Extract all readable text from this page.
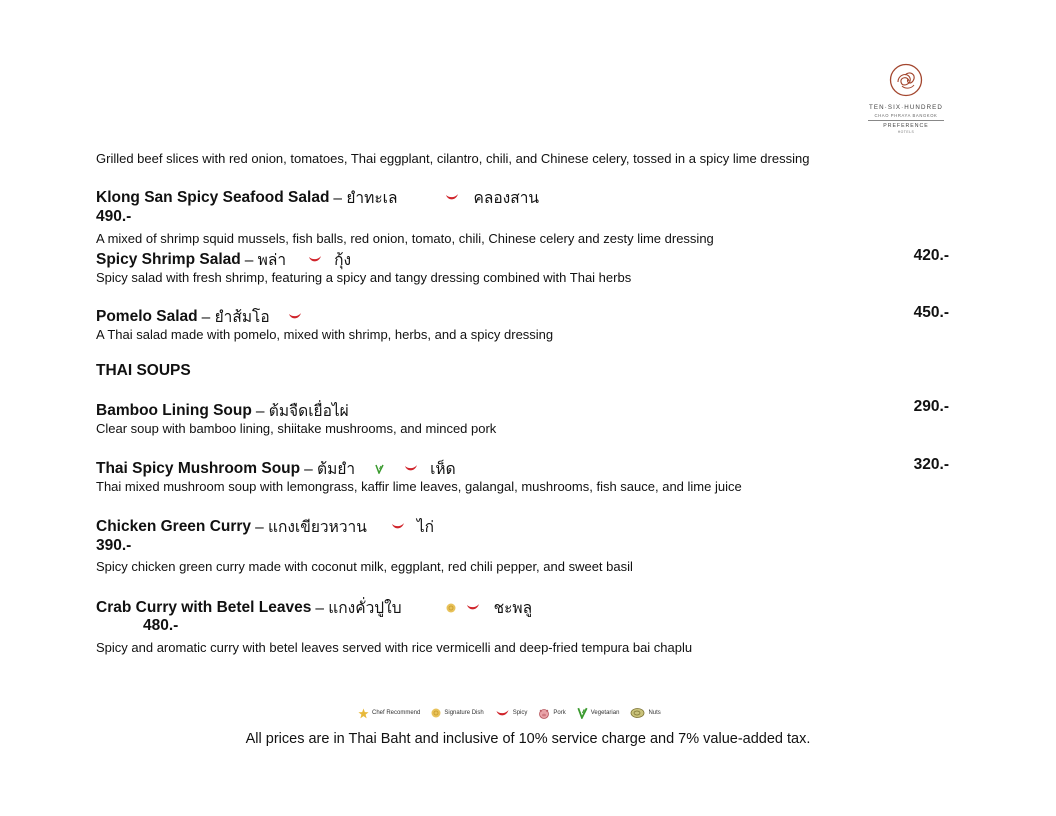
TEN·SIX·HUNDRED
CHAO PHRAYA BANGKOK
PREFERENCE
HOTELS
Grilled beef slices with red onion, tomatoes, Thai eggplant, cilantro, chili, and Chinese celery, tossed in a spicy lime dressing
Klong San Spicy Seafood Salad – ยำทะเล	คลองสาน
490.-
A mixed of shrimp squid mussels, fish balls, red onion, tomato, chili, Chinese celery and zesty lime dressing
Spicy Shrimp Salad – พล่า	กุ้ง	420.-
Spicy salad with fresh shrimp, featuring a spicy and tangy dressing combined with Thai herbs
Pomelo Salad – ยำส้มโอ	450.-
A Thai salad made with pomelo, mixed with shrimp, herbs, and a spicy dressing
THAI SOUPS
Bamboo Lining Soup – ต้มจืดเยื่อไผ่	290.-
Clear soup with bamboo lining, shiitake mushrooms, and minced pork
Thai Spicy Mushroom Soup – ต้มยำ	เห็ด	320.-
Thai mixed mushroom soup with lemongrass, kaffir lime leaves, galangal, mushrooms, fish sauce, and lime juice
Chicken Green Curry – แกงเขียวหวาน	ไก่
390.-
Spicy chicken green curry made with coconut milk, eggplant, red chili pepper, and sweet basil
Crab Curry with Betel Leaves – แกงคั่วปูใบ	ชะพลู
480.-
Spicy and aromatic curry with betel leaves served with rice vermicelli and deep-fried tempura bai chaplu
Chef Recommend	Signature Dish	Spicy	Pork	Vegetarian	Nuts
All prices are in Thai Baht and inclusive of 10% service charge and 7% value-added tax.
